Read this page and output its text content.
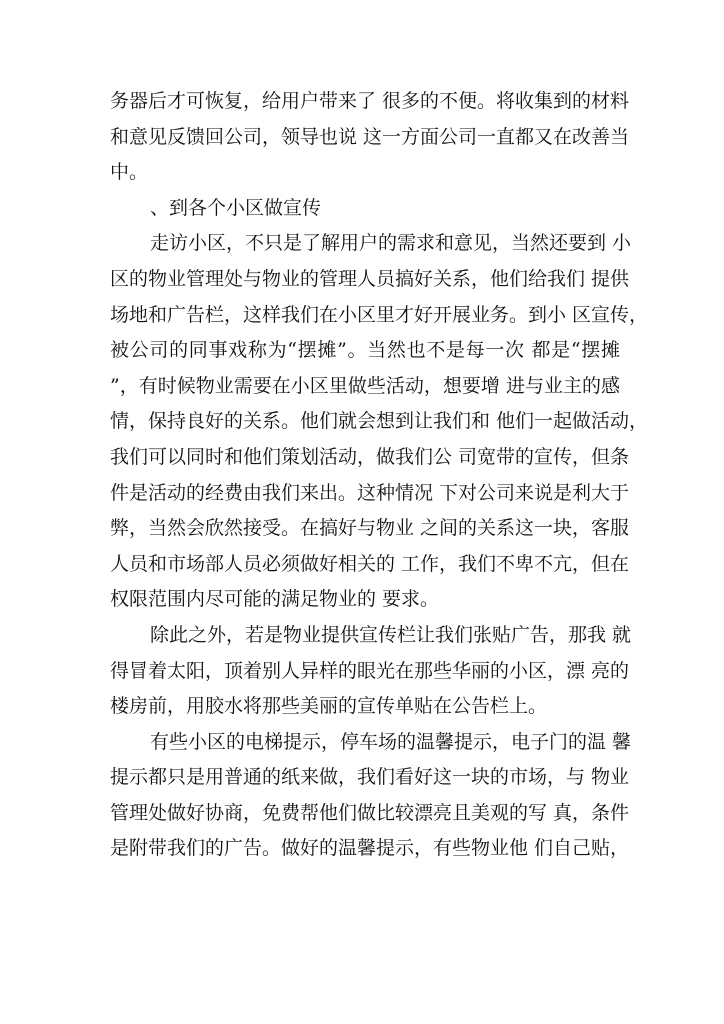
务器后才可恢复，给用户带来了 很多的不便。将收集到的材料
和意见反馈回公司，领导也说 这一方面公司一直都又在改善当
中。
、到各个小区做宣传
走访小区，不只是了解用户的需求和意见，当然还要到 小
区的物业管理处与物业的管理人员搞好关系，他们给我们 提供
场地和广告栏，这样我们在小区里才好开展业务。到小 区宣传，
被公司的同事戏称为“摆摊”。当然也不是每一次 都是“摆摊
”，有时候物业需要在小区里做些活动，想要增 进与业主的感
情，保持良好的关系。他们就会想到让我们和 他们一起做活动，
我们可以同时和他们策划活动，做我们公 司宽带的宣传，但条
件是活动的经费由我们来出。这种情况 下对公司来说是利大于
弊，当然会欣然接受。在搞好与物业 之间的关系这一块，客服
人员和市场部人员必须做好相关的 工作，我们不卑不亢，但在
权限范围内尽可能的满足物业的 要求。
除此之外，若是物业提供宣传栏让我们张贴广告，那我 就
得冒着太阳，顶着别人异样的眼光在那些华丽的小区，漂 亮的
楼房前，用胶水将那些美丽的宣传单贴在公告栏上。
有些小区的电梯提示，停车场的温馨提示，电子门的温 馨
提示都只是用普通的纸来做，我们看好这一块的市场，与 物业
管理处做好协商，免费帮他们做比较漂亮且美观的写 真，条件
是附带我们的广告。做好的温馨提示，有些物业他 们自己贴，
